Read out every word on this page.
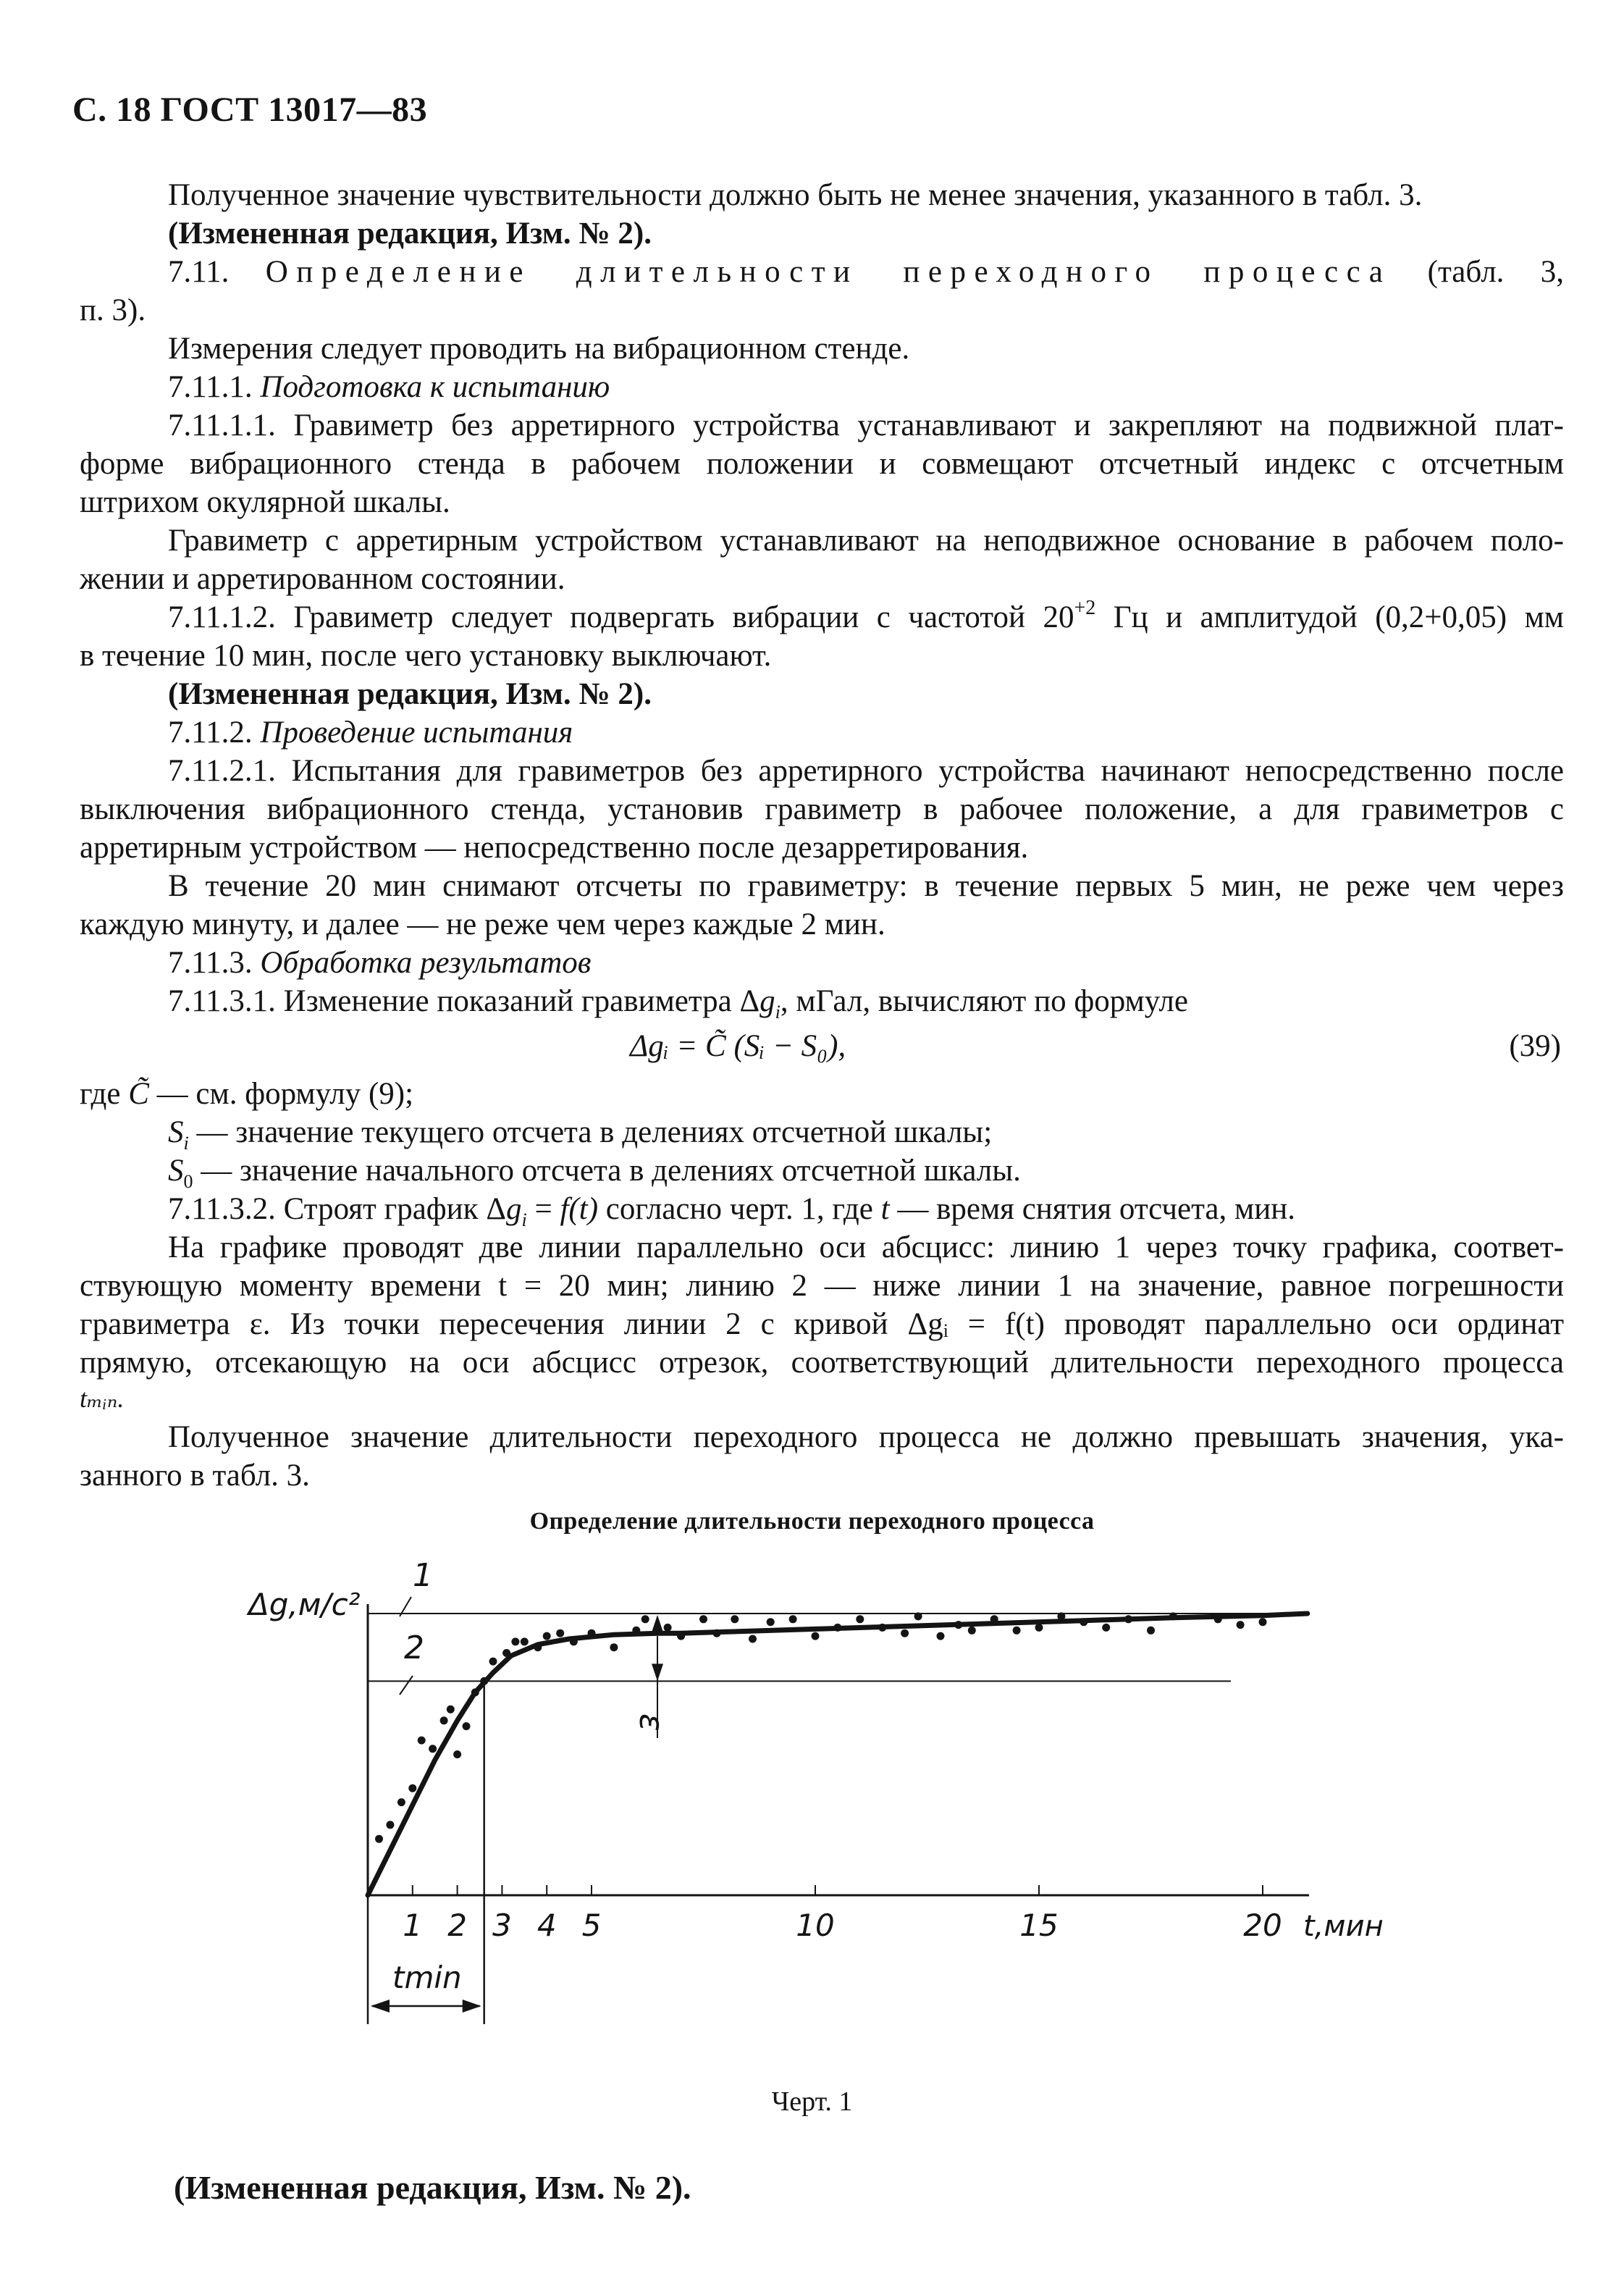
С. 18 ГОСТ 13017—83
Полученное значение чувствительности должно быть не менее значения, указанного в табл. 3.
(Измененная редакция, Изм. № 2).
7.11. Определение длительности переходного процесса (табл. 3,
п. 3).
Измерения следует проводить на вибрационном стенде.
7.11.1. Подготовка к испытанию
7.11.1.1. Гравиметр без арретирного устройства устанавливают и закрепляют на подвижной плат-
форме вибрационного стенда в рабочем положении и совмещают отсчетный индекс с отсчетным
штрихом окулярной шкалы.
Гравиметр с арретирным устройством устанавливают на неподвижное основание в рабочем поло-
жении и арретированном состоянии.
7.11.1.2. Гравиметр следует подвергать вибрации с частотой $20^{+2}$ Гц и амплитудой (0,2+0,05) мм
в течение 10 мин, после чего установку выключают.
(Измененная редакция, Изм. № 2).
7.11.2. Проведение испытания
7.11.2.1. Испытания для гравиметров без арретирного устройства начинают непосредственно после
выключения вибрационного стенда, установив гравиметр в рабочее положение, а для гравиметров с
арретирным устройством — непосредственно после дезарретирования.
В течение 20 мин снимают отсчеты по гравиметру: в течение первых 5 мин, не реже чем через
каждую минуту, и далее — не реже чем через каждые 2 мин.
7.11.3. Обработка результатов
7.11.3.1. Изменение показаний гравиметра $\Delta g_i$, мГал, вычисляют по формуле
Δgᵢ = C̃ (Sᵢ − S₀),	(39)
где C̃ — см. формулу (9);
$S_i$ — значение текущего отсчета в делениях отсчетной шкалы;
$S_0$ — значение начального отсчета в делениях отсчетной шкалы.
7.11.3.2. Строят график $\Delta g_i = f(t)$ согласно черт. 1, где t — время снятия отсчета, мин.
На графике проводят две линии параллельно оси абсцисс: линию 1 через точку графика, соответ-
ствующую моменту времени t = 20 мин; линию 2 — ниже линии 1 на значение, равное погрешности
гравиметра ε. Из точки пересечения линии 2 с кривой Δgᵢ = f(t) проводят параллельно оси ординат
прямую, отсекающую на оси абсцисс отрезок, соответствующий длительности переходного процесса
tₘᵢₙ.
Полученное значение длительности переходного процесса не должно превышать значения, ука-
занного в табл. 3.
Определение длительности переходного процесса
ε
1 2 3 4 5	10	15	20 t,мин
Δg,м/с²
1
2
tmin
Черт. 1
(Измененная редакция, Изм. № 2).
